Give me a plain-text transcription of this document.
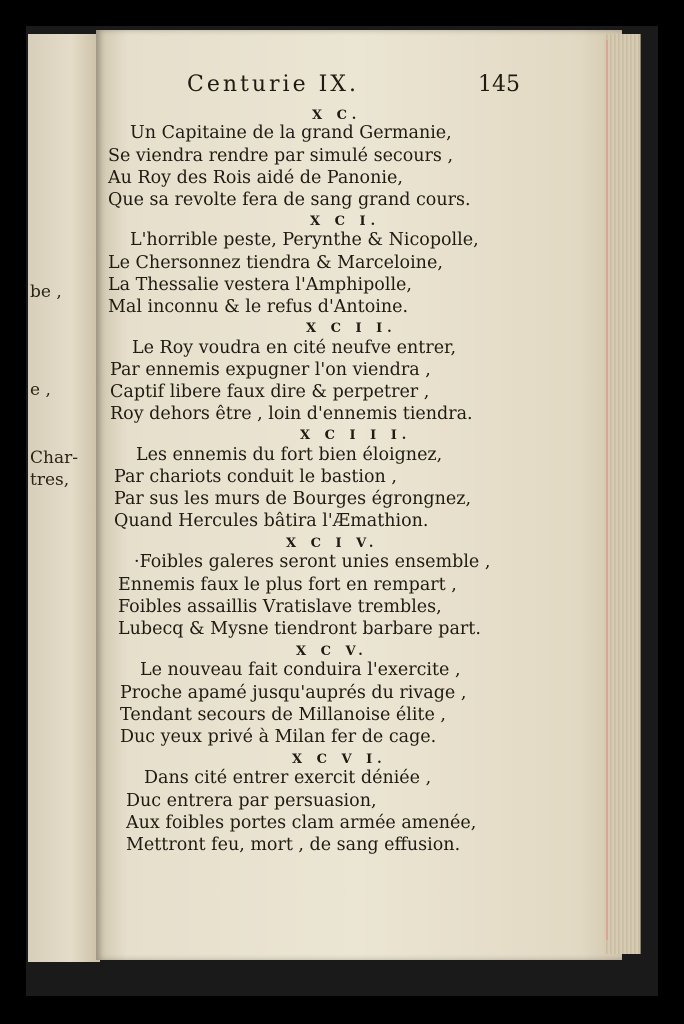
be ,
e ,
Char-
tres,
Centurie IX.	145
X C.
Un Capitaine de la grand Germanie,
Se viendra rendre par simulé secours ,
Au Roy des Rois aidé de Panonie,
Que sa revolte fera de sang grand cours.
X C I.
L'horrible peste, Perynthe & Nicopolle,
Le Chersonnez tiendra & Marceloine,
La Thessalie vestera l'Amphipolle,
Mal inconnu & le refus d'Antoine.
X C I I.
Le Roy voudra en cité neufve entrer,
Par ennemis expugner l'on viendra ,
Captif libere faux dire & perpetrer ,
Roy dehors être , loin d'ennemis tiendra.
X C I I I.
Les ennemis du fort bien éloignez,
Par chariots conduit le bastion ,
Par sus les murs de Bourges égrongnez,
Quand Hercules bâtira l'Æmathion.
X C I V.
·Foibles galeres seront unies ensemble ,
Ennemis faux le plus fort en rempart ,
Foibles assaillis Vratislave trembles,
Lubecq & Mysne tiendront barbare part.
X C V.
Le nouveau fait conduira l'exercite ,
Proche apamé jusqu'auprés du rivage ,
Tendant secours de Millanoise élite ,
Duc yeux privé à Milan fer de cage.
X C V I.
Dans cité entrer exercit déniée ,
Duc entrera par persuasion,
Aux foibles portes clam armée amenée,
Mettront feu, mort , de sang effusion.
